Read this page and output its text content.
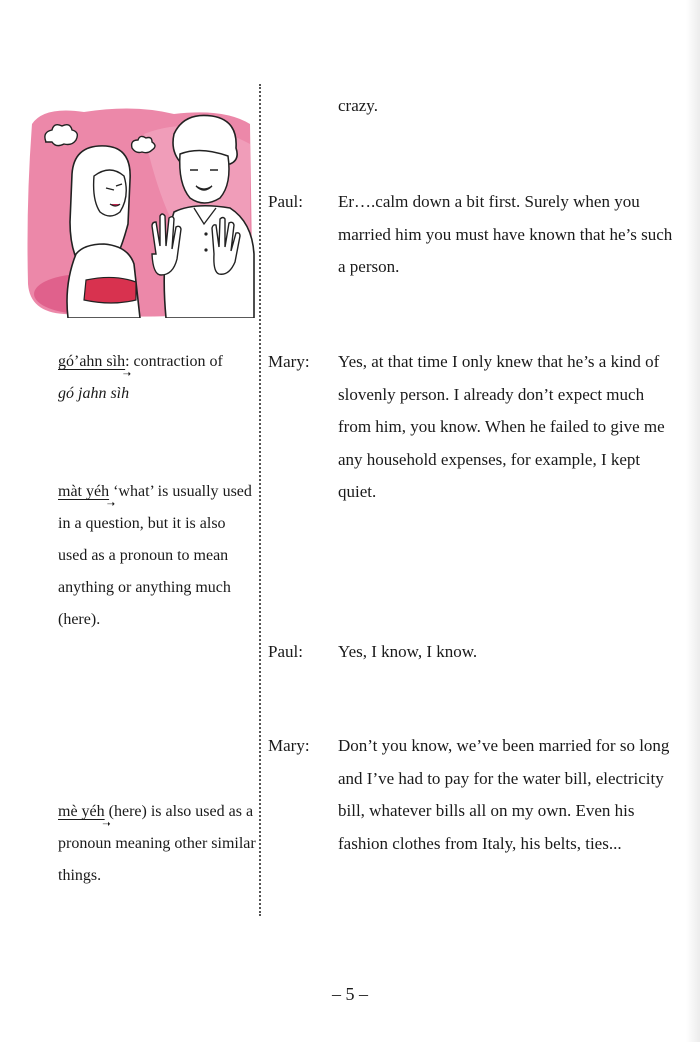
gó’ahn sìh
➝
: contraction of
gó jahn sìh
màt yéh
➝
‘what’ is usually used in a question, but it is also used as a pronoun to mean anything or anything much (here).
mè yéh
➝
(here) is also used as a pronoun meaning other similar things.
crazy.
Paul: Er….calm down a bit first. Surely when you married him you must have known that he’s such a person.
Mary: Yes, at that time I only knew that he’s a kind of slovenly person. I already don’t expect much from him, you know. When he failed to give me any household expenses, for example, I kept quiet.
Paul: Yes, I know, I know.
Mary: Don’t you know, we’ve been married for so long and I’ve had to pay for the water bill, electricity bill, whatever bills all on my own. Even his fashion clothes from Italy, his belts, ties...
– 5 –
